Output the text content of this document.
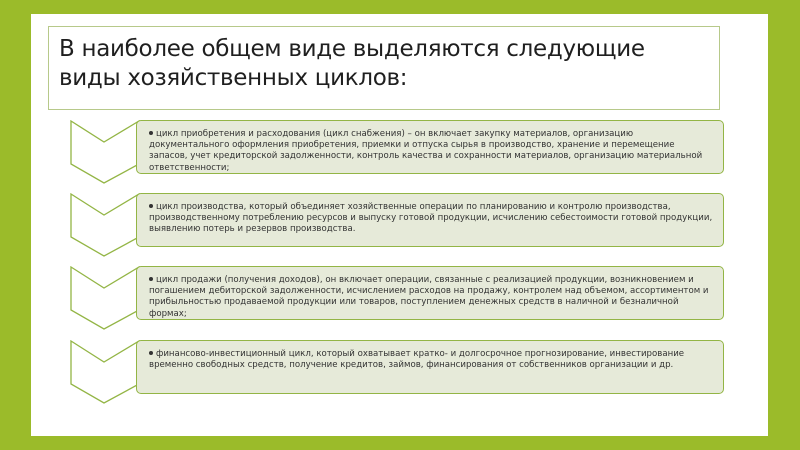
В наиболее общем виде выделяются следующие виды хозяйственных циклов:
цикл приобретения и расходования (цикл снабжения) – он включает закупку материалов, организацию документального оформления приобретения, приемки и отпуска сырья в производство, хранение и перемещение запасов, учет кредиторской задолженности, контроль качества и сохранности материалов, организацию материальной ответственности;
цикл производства, который объединяет хозяйственные операции по планированию и контролю производства, производственному потреблению ресурсов и выпуску готовой продукции, исчислению себестоимости готовой продукции, выявлению потерь и резервов производства.
цикл продажи (получения доходов), он включает операции, связанные с реализацией продукции, возникновением и погашением дебиторской задолженности, исчислением расходов на продажу, контролем над объемом, ассортиментом и прибыльностью продаваемой продукции или товаров, поступлением денежных средств в наличной и безналичной формах;
финансово-инвестиционный цикл, который охватывает кратко- и долгосрочное прогнозирование, инвестирование временно свободных средств, получение кредитов, займов, финансирования от собственников организации и др.
